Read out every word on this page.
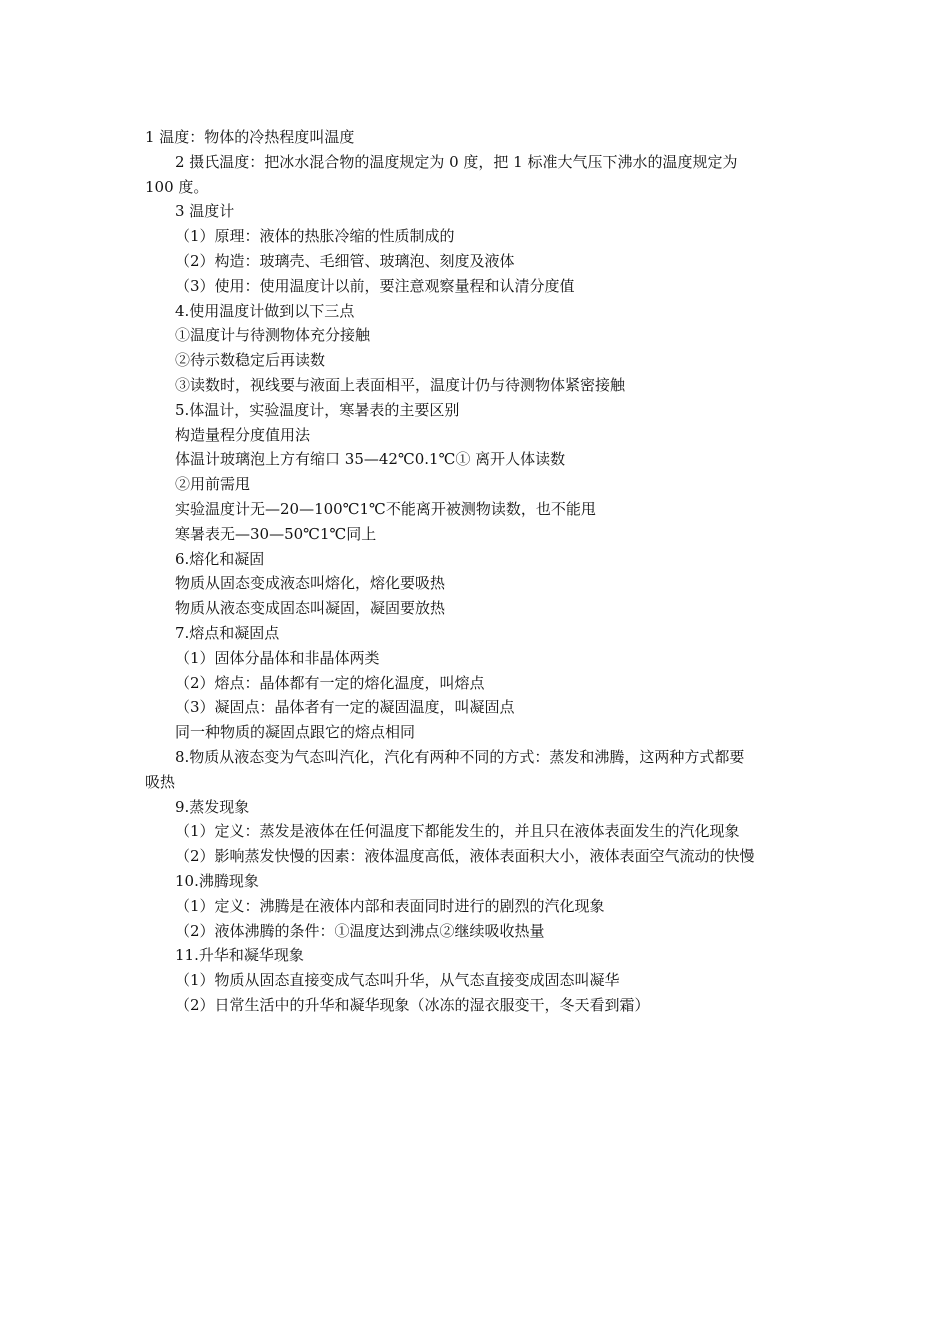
1 温度：物体的冷热程度叫温度
2 摄氏温度：把冰水混合物的温度规定为 0 度，把 1 标准大气压下沸水的温度规定为
100 度。
3 温度计
（1）原理：液体的热胀冷缩的性质制成的
（2）构造：玻璃壳、毛细管、玻璃泡、刻度及液体
（3）使用：使用温度计以前，要注意观察量程和认清分度值
4.使用温度计做到以下三点
①温度计与待测物体充分接触
②待示数稳定后再读数
③读数时，视线要与液面上表面相平，温度计仍与待测物体紧密接触
5.体温计，实验温度计，寒暑表的主要区别
构造量程分度值用法
体温计玻璃泡上方有缩口 35—42℃0.1℃① 离开人体读数
②用前需甩
实验温度计无—20—100℃1℃不能离开被测物读数，也不能甩
寒暑表无—30—50℃1℃同上
6.熔化和凝固
物质从固态变成液态叫熔化，熔化要吸热
物质从液态变成固态叫凝固，凝固要放热
7.熔点和凝固点
（1）固体分晶体和非晶体两类
（2）熔点：晶体都有一定的熔化温度，叫熔点
（3）凝固点：晶体者有一定的凝固温度，叫凝固点
同一种物质的凝固点跟它的熔点相同
8.物质从液态变为气态叫汽化，汽化有两种不同的方式：蒸发和沸腾，这两种方式都要
吸热
9.蒸发现象
（1）定义：蒸发是液体在任何温度下都能发生的，并且只在液体表面发生的汽化现象
（2）影响蒸发快慢的因素：液体温度高低，液体表面积大小，液体表面空气流动的快慢
10.沸腾现象
（1）定义：沸腾是在液体内部和表面同时进行的剧烈的汽化现象
（2）液体沸腾的条件：①温度达到沸点②继续吸收热量
11.升华和凝华现象
（1）物质从固态直接变成气态叫升华，从气态直接变成固态叫凝华
（2）日常生活中的升华和凝华现象（冰冻的湿衣服变干，冬天看到霜）
